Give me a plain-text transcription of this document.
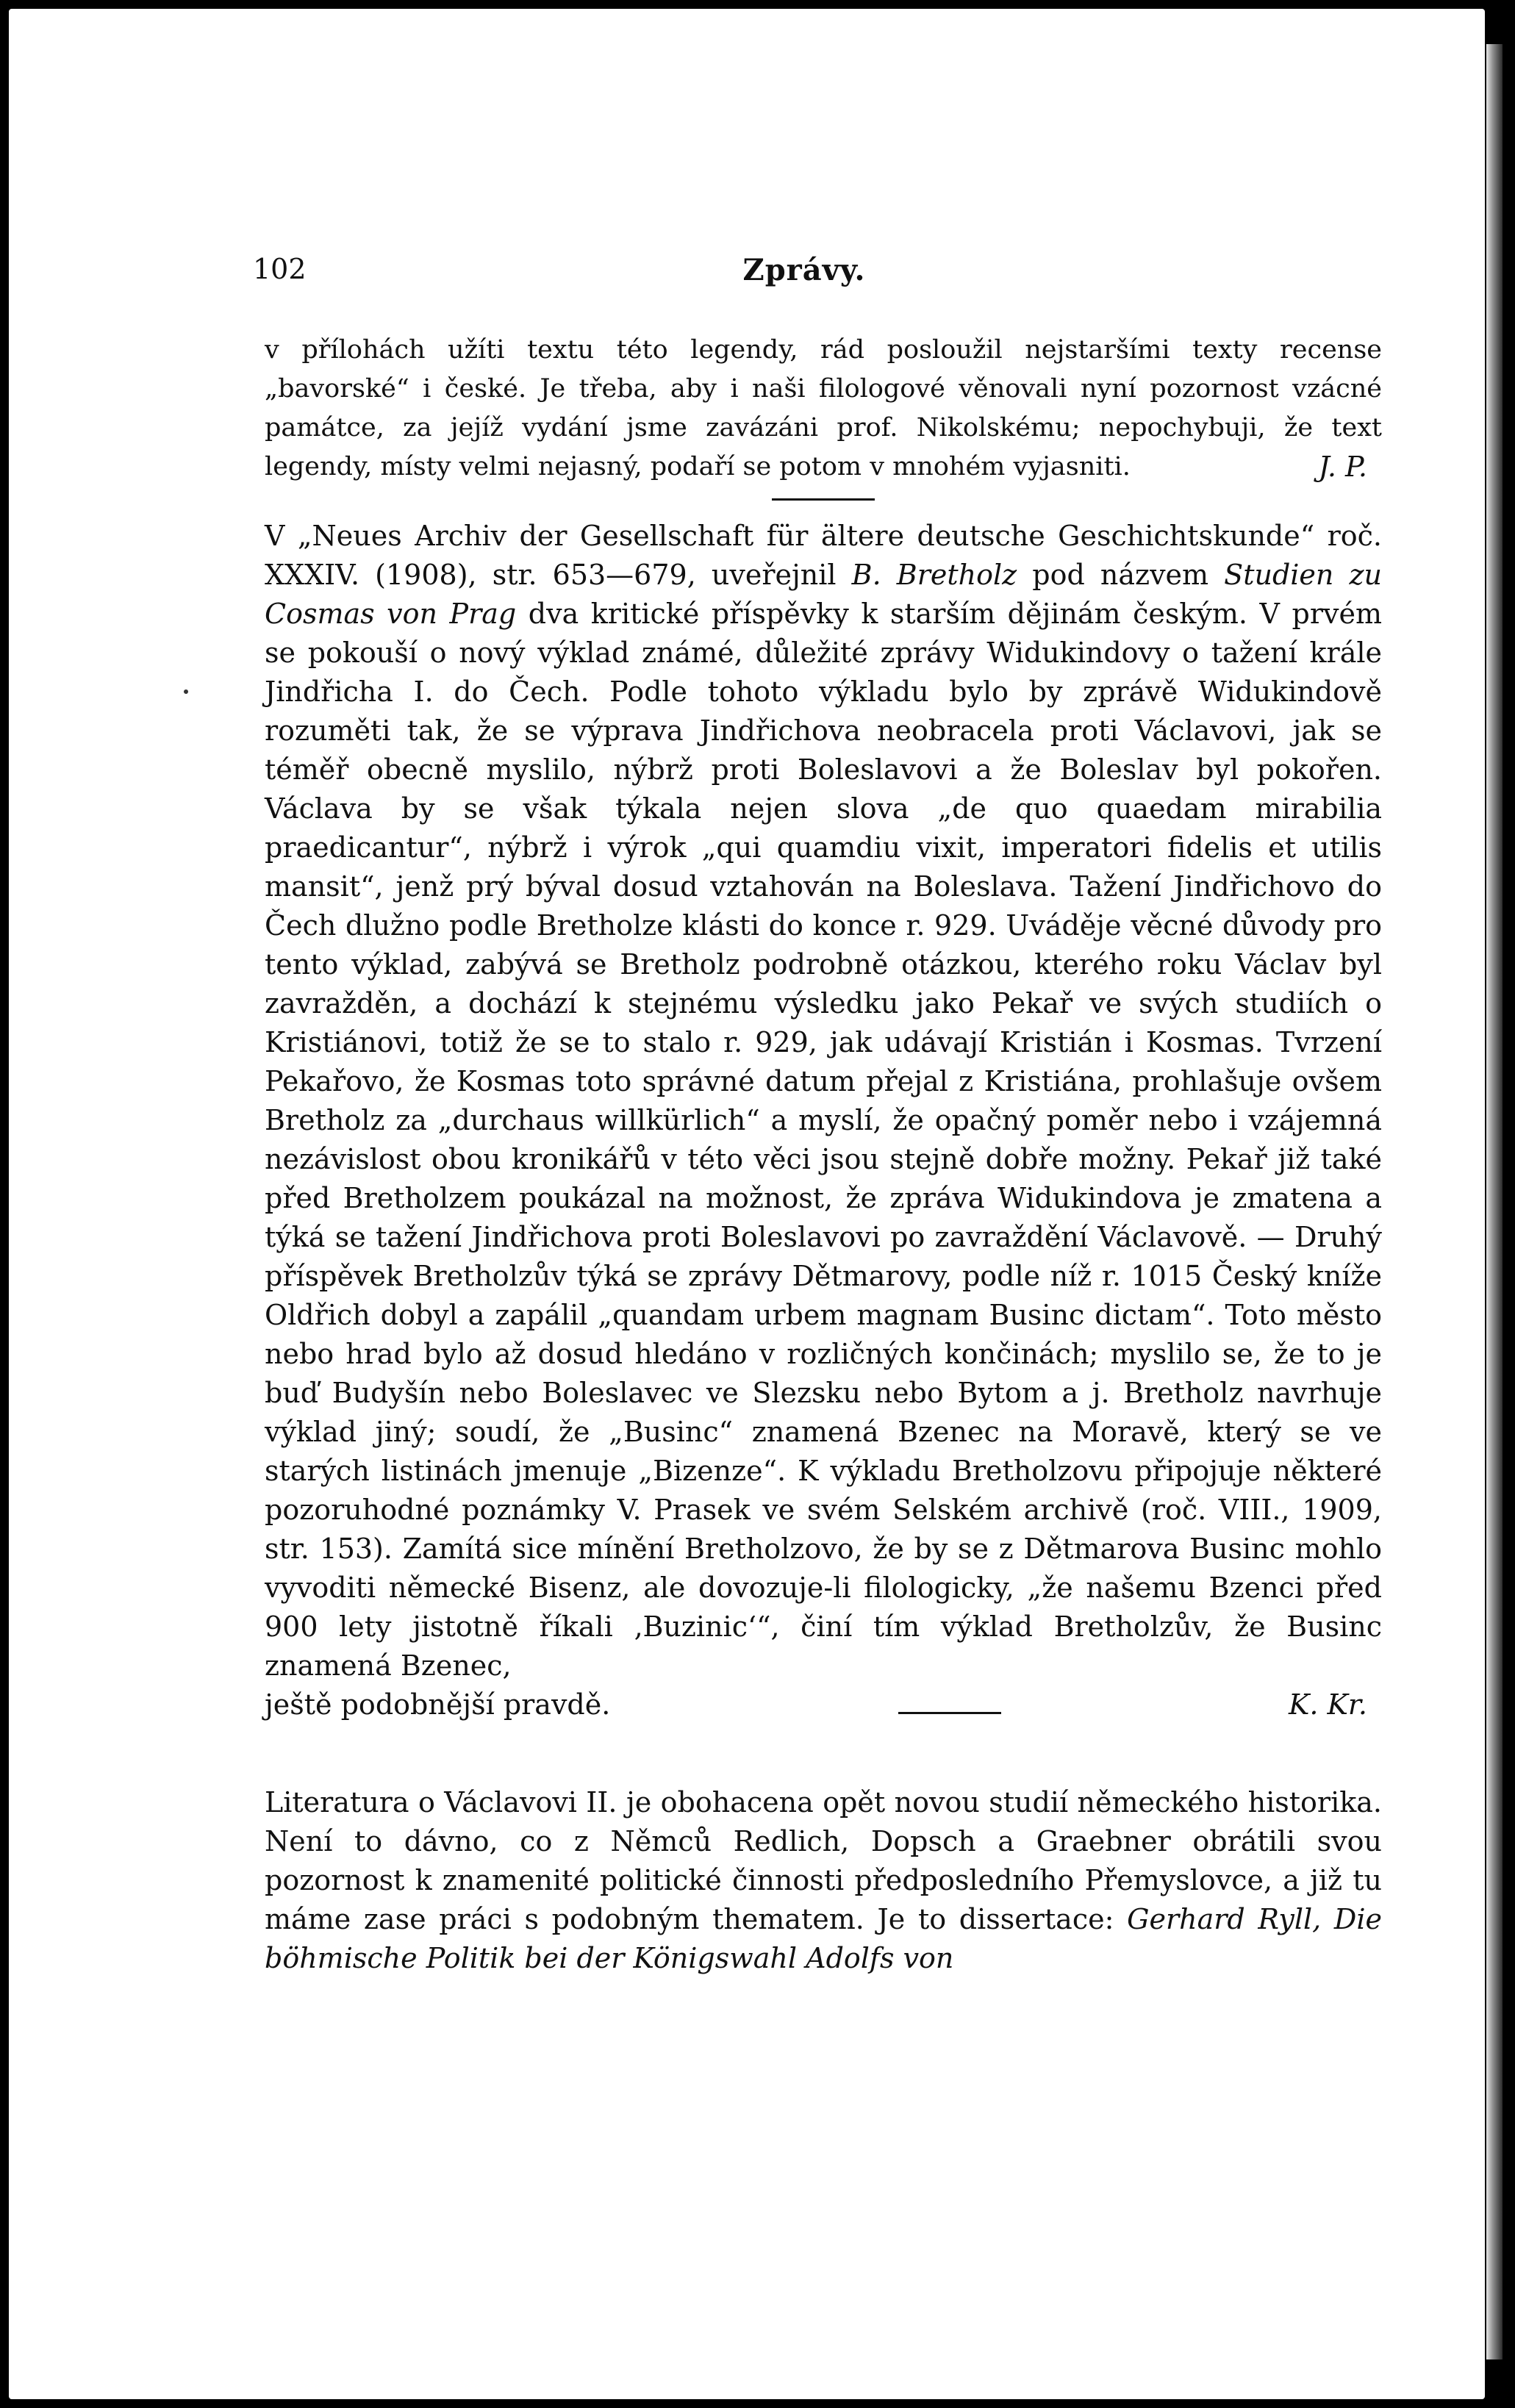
102	Zprávy.

v přílohách užíti textu této legendy, rád posloužil nejstaršími texty recense „bavorské“ i české. Je třeba, aby i naši filologové věnovali nyní pozornost vzácné památce, za jejíž vydání jsme zavázáni prof. Nikolskému; nepochybuji, že text legendy, místy velmi nejasný, podaří se potom v mnohém vyjasniti.	J. P.

V „Neues Archiv der Gesellschaft für ältere deutsche Geschichtskunde“ roč. XXXIV. (1908), str. 653—679, uveřejnil B. Bretholz pod názvem Studien zu Cosmas von Prag dva kritické příspěvky k starším dějinám českým. V prvém se pokouší o nový výklad známé, důležité zprávy Widukindovy o tažení krále Jindřicha I. do Čech. Podle tohoto výkladu bylo by zprávě Widukindově rozuměti tak, že se výprava Jindřichova neobracela proti Václavovi, jak se téměř obecně myslilo, nýbrž proti Boleslavovi a že Boleslav byl pokořen. Václava by se však týkala nejen slova „de quo quaedam mirabilia praedicantur“, nýbrž i výrok „qui quamdiu vixit, imperatori fidelis et utilis mansit“, jenž prý býval dosud vztahován na Boleslava. Tažení Jindřichovo do Čech dlužno podle Bretholze klásti do konce r. 929. Uváděje věcné důvody pro tento výklad, zabývá se Bretholz podrobně otázkou, kterého roku Václav byl zavražděn, a dochází k stejnému výsledku jako Pekař ve svých studiích o Kristiánovi, totiž že se to stalo r. 929, jak udávají Kristián i Kosmas. Tvrzení Pekařovo, že Kosmas toto správné datum přejal z Kristiána, prohlašuje ovšem Bretholz za „durchaus willkürlich“ a myslí, že opačný poměr nebo i vzájemná nezávislost obou kronikářů v této věci jsou stejně dobře možny. Pekař již také před Bretholzem poukázal na možnost, že zpráva Widukindova je zmatena a týká se tažení Jindřichova proti Boleslavovi po zavraždění Václavově. — Druhý příspěvek Bretholzův týká se zprávy Dětmarovy, podle níž r. 1015 Český kníže Oldřich dobyl a zapálil „quandam urbem magnam Businc dictam“. Toto město nebo hrad bylo až dosud hledáno v rozličných končinách; myslilo se, že to je buď Budyšín nebo Boleslavec ve Slezsku nebo Bytom a j. Bretholz navrhuje výklad jiný; soudí, že „Businc“ znamená Bzenec na Moravě, který se ve starých listinách jmenuje „Bizenze“. K výkladu Bretholzovu připojuje některé pozoruhodné poznámky V. Prasek ve svém Selském archivě (roč. VIII., 1909, str. 153). Zamítá sice mínění Bretholzovo, že by se z Dětmarova Businc mohlo vyvoditi německé Bisenz, ale dovozuje-li filologicky, „že našemu Bzenci před 900 lety jistotně říkali ‚Buzinic‘“, činí tím výklad Bretholzův, že Businc znamená Bzenec,

ještě podobnější pravdě.	K. Kr.

Literatura o Václavovi II. je obohacena opět novou studií německého historika. Není to dávno, co z Němců Redlich, Dopsch a Graebner obrátili svou pozornost k znamenité politické činnosti předposledního Přemyslovce, a již tu máme zase práci s podobným thematem. Je to dissertace: Gerhard Ryll, Die böhmische Politik bei der Königswahl Adolfs von
